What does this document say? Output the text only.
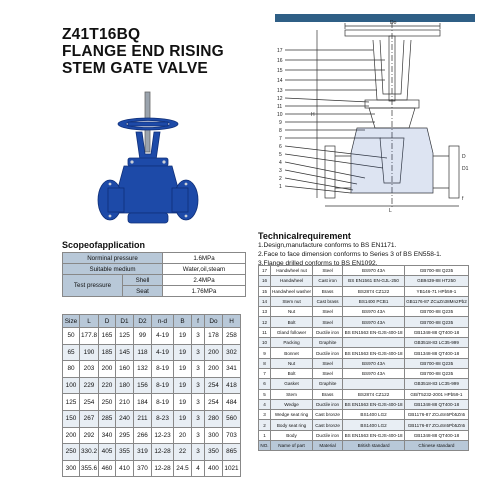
Z41T16BQ
FLANGE END RISING
STEM GATE VALVE
Do
H
L
f
D1
D
17
16
15
14
13
12
11
10
9
8
7
6
5
4
3
2
1
Scopeofapplication
Norminal pressure		1.6MPa
Suitable medium		Water,oil,steam
Test pressure	Shell	2.4MPa
	Seat	1.76MPa
Size	L	D	D1	D2	n-d	B	f	Do	H
50	177.8	165	125	99	4-19	19	3	178	258
65	190	185	145	118	4-19	19	3	200	302
80	203	200	160	132	8-19	19	3	200	341
100	229	220	180	156	8-19	19	3	254	418
125	254	250	210	184	8-19	19	3	254	484
150	267	285	240	211	8-23	19	3	280	560
200	292	340	295	266	12-23	20	3	300	703
250	330.2	405	355	319	12-28	22	3	350	865
300	355.6	460	410	370	12-28	24.5	4	400	1021
Technicalrequirement
1.Design,manufacture conforms to BS EN1171.
2.Face to face dimension conforms to Series 3 of BS EN558-1.
3.Flange drilled conforms to BS EN1092.
17	Handwheel nut	Steel	BS970 43A	GB700-88 Q235
16	Handwheel	Cast iron	BS EN1561 EN-GJL-250	GB9439-88 HT250
15	Handwheel washer	Brass	BS2874 CZ122	YB146-71 HPb59-1
14	Stem nut	Cast brass	BS1400 PCB1	GB1176-87 ZCuZn38Mn2Pb2
13	Nut	Steel	BS970 43A	GB700-88 Q235
12	Bolt	Steel	BS970 43A	GB700-88 Q235
11	Gland follower	Ductile iron	BS EN1563 EN-GJS-400-18	GB1348-88 QT400-18
10	Packing	Graphite		GB3518-83 LC35-999
9	Bonnet	Ductile iron	BS EN1563 EN-GJS-400-18	GB1348-88 QT400-18
8	Nut	Steel	BS970 43A	GB700-88 Q235
7	Bolt	Steel	BS970 43A	GB700-88 Q235
6	Gasket	Graphite		GB3518-83 LC35-999
5	Stem	Brass	BS2874 CZ122	GB/T5232-2001 HPb59-1
4	Wedge	Ductile iron	BS EN1563 EN-GJS-400-18	GB1348-88 QT400-18
3	Wedge seat ring	Cast bronze	BS1400 LG2	GB1176-87 ZCuSn5Pb5Zn5
2	Body seat ring	Cast bronze	BS1400 LG2	GB1176-87 ZCuSn5Pb5Zn5
1	Body	Ductile iron	BS EN1563 EN-GJS-400-18	GB1348-88 QT400-18
NO.	Name of part	Material	British standard	Chinese standard
